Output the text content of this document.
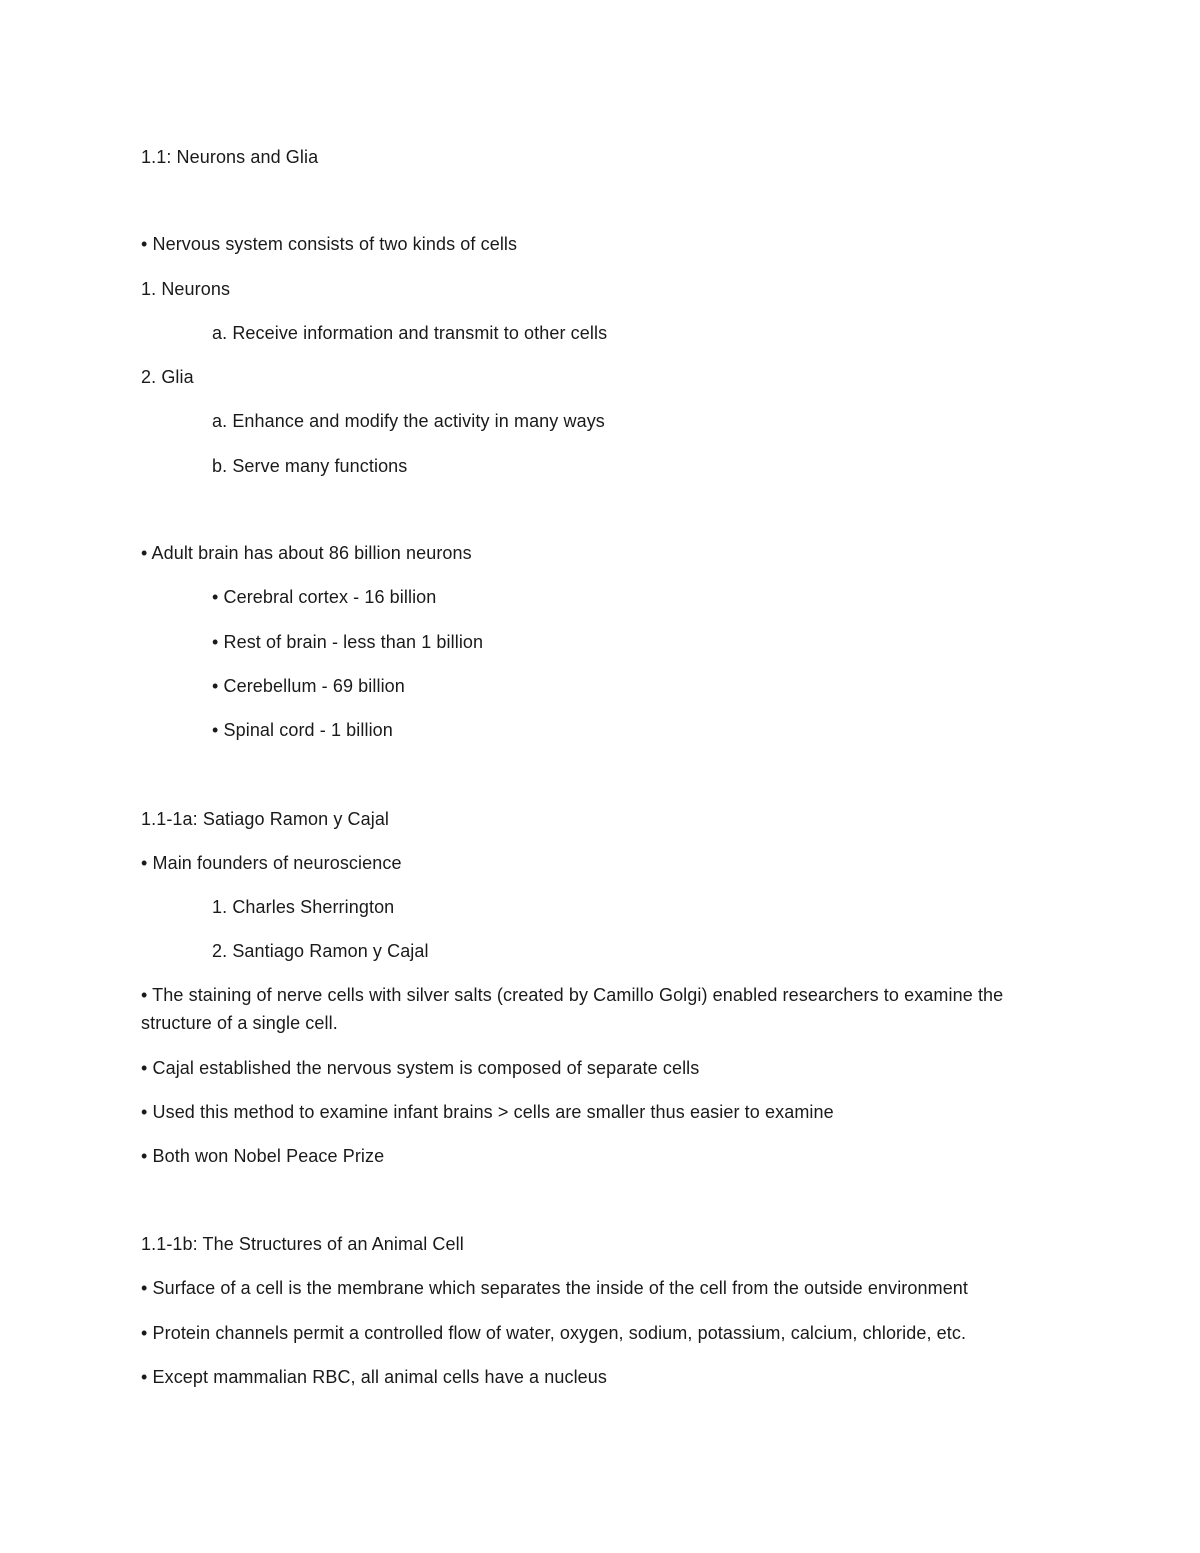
1.1: Neurons and Glia
• Nervous system consists of two kinds of cells
1. Neurons
a. Receive information and transmit to other cells
2. Glia
a. Enhance and modify the activity in many ways
b. Serve many functions
• Adult brain has about 86 billion neurons
• Cerebral cortex - 16 billion
• Rest of brain - less than 1 billion
• Cerebellum - 69 billion
• Spinal cord - 1 billion
1.1-1a: Satiago Ramon y Cajal
• Main founders of neuroscience
1. Charles Sherrington
2. Santiago Ramon y Cajal
• The staining of nerve cells with silver salts (created by Camillo Golgi) enabled researchers to examine the structure of a single cell.
• Cajal established the nervous system is composed of separate cells
• Used this method to examine infant brains > cells are smaller thus easier to examine
• Both won Nobel Peace Prize
1.1-1b: The Structures of an Animal Cell
• Surface of a cell is the membrane which separates the inside of the cell from the outside environment
• Protein channels permit a controlled flow of water, oxygen, sodium, potassium, calcium, chloride, etc.
• Except mammalian RBC, all animal cells have a nucleus
